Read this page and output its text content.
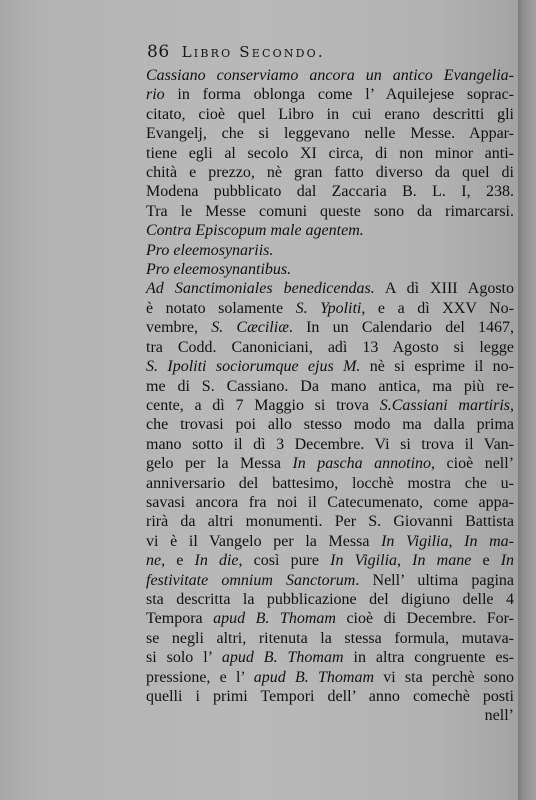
86 Libro Secondo.
Cassiano conserviamo ancora un antico Evangelia-
rio in forma oblonga come l’ Aquilejese soprac-
citato, cioè quel Libro in cui erano descritti gli
Evangelj, che si leggevano nelle Messe. Appar-
tiene egli al secolo XI circa, di non minor anti-
chità e prezzo, nè gran fatto diverso da quel di
Modena pubblicato dal Zaccaria B. L. I, 238.
Tra le Messe comuni queste sono da rimarcarsi.
Contra Episcopum male agentem.
Pro eleemosynariis.
Pro eleemosynantibus.
Ad Sanctimoniales benedicendas. A dì XIII Agosto
è notato solamente S. Ypoliti, e a dì XXV No-
vembre, S. Cæciliæ. In un Calendario del 1467,
tra Codd. Canoniciani, adì 13 Agosto si legge
S. Ipoliti sociorumque ejus M. nè si esprime il no-
me di S. Cassiano. Da mano antica, ma più re-
cente, a dì 7 Maggio si trova S.Cassiani martiris,
che trovasi poi allo stesso modo ma dalla prima
mano sotto il dì 3 Decembre. Vi si trova il Van-
gelo per la Messa In pascha annotino, cioè nell’
anniversario del battesimo, locchè mostra che u-
savasi ancora fra noi il Catecumenato, come appa-
rirà da altri monumenti. Per S. Giovanni Battista
vi è il Vangelo per la Messa In Vigilia, In ma-
ne, e In die, così pure In Vigilia, In mane e In
festivitate omnium Sanctorum. Nell’ ultima pagina
sta descritta la pubblicazione del digiuno delle 4
Tempora apud B. Thomam cioè di Decembre. For-
se negli altri, ritenuta la stessa formula, mutava-
si solo l’ apud B. Thomam in altra congruente es-
pressione, e l’ apud B. Thomam vi sta perchè sono
quelli i primi Tempori dell’ anno comechè posti
nell’
